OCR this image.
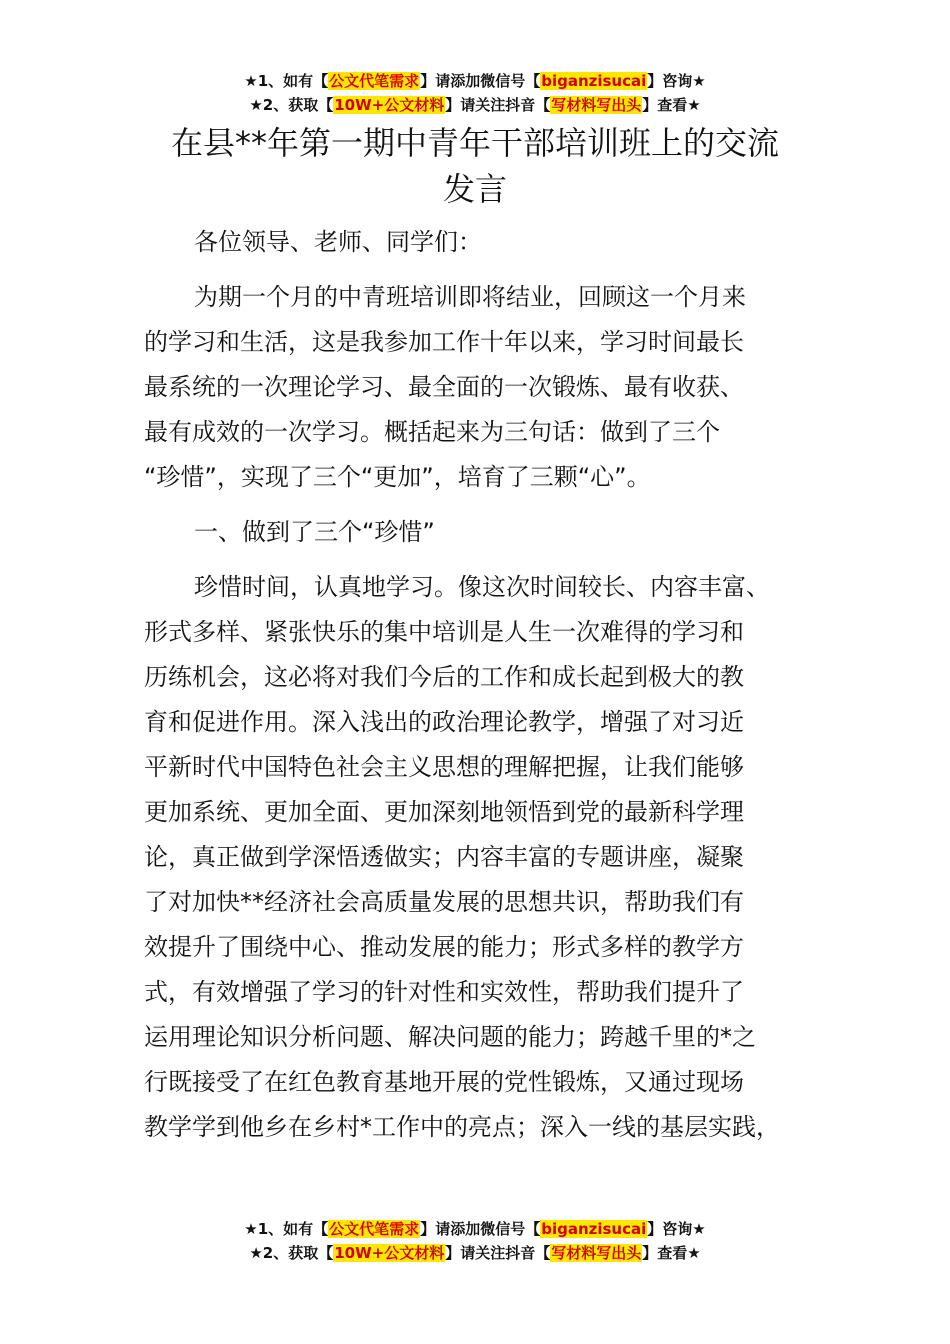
★1、如有【公文代笔需求】请添加微信号【biganzisucai】咨询★
★2、获取【10W+公文材料】请关注抖音【写材料写出头】查看★
在县**年第一期中青年干部培训班上的交流
发言

各位领导、老师、同学们：

为期一个月的中青班培训即将结业，回顾这一个月来
的学习和生活，这是我参加工作十年以来，学习时间最长
最系统的一次理论学习、最全面的一次锻炼、最有收获、
最有成效的一次学习。概括起来为三句话：做到了三个
“珍惜”，实现了三个“更加”，培育了三颗“心”。

一、做到了三个“珍惜”

珍惜时间，认真地学习。像这次时间较长、内容丰富、
形式多样、紧张快乐的集中培训是人生一次难得的学习和
历练机会，这必将对我们今后的工作和成长起到极大的教
育和促进作用。深入浅出的政治理论教学，增强了对习近
平新时代中国特色社会主义思想的理解把握，让我们能够
更加系统、更加全面、更加深刻地领悟到党的最新科学理
论，真正做到学深悟透做实；内容丰富的专题讲座，凝聚
了对加快**经济社会高质量发展的思想共识，帮助我们有
效提升了围绕中心、推动发展的能力；形式多样的教学方
式，有效增强了学习的针对性和实效性，帮助我们提升了
运用理论知识分析问题、解决问题的能力；跨越千里的*之
行既接受了在红色教育基地开展的党性锻炼，又通过现场
教学学到他乡在乡村*工作中的亮点；深入一线的基层实践，

★1、如有【公文代笔需求】请添加微信号【biganzisucai】咨询★
★2、获取【10W+公文材料】请关注抖音【写材料写出头】查看★
